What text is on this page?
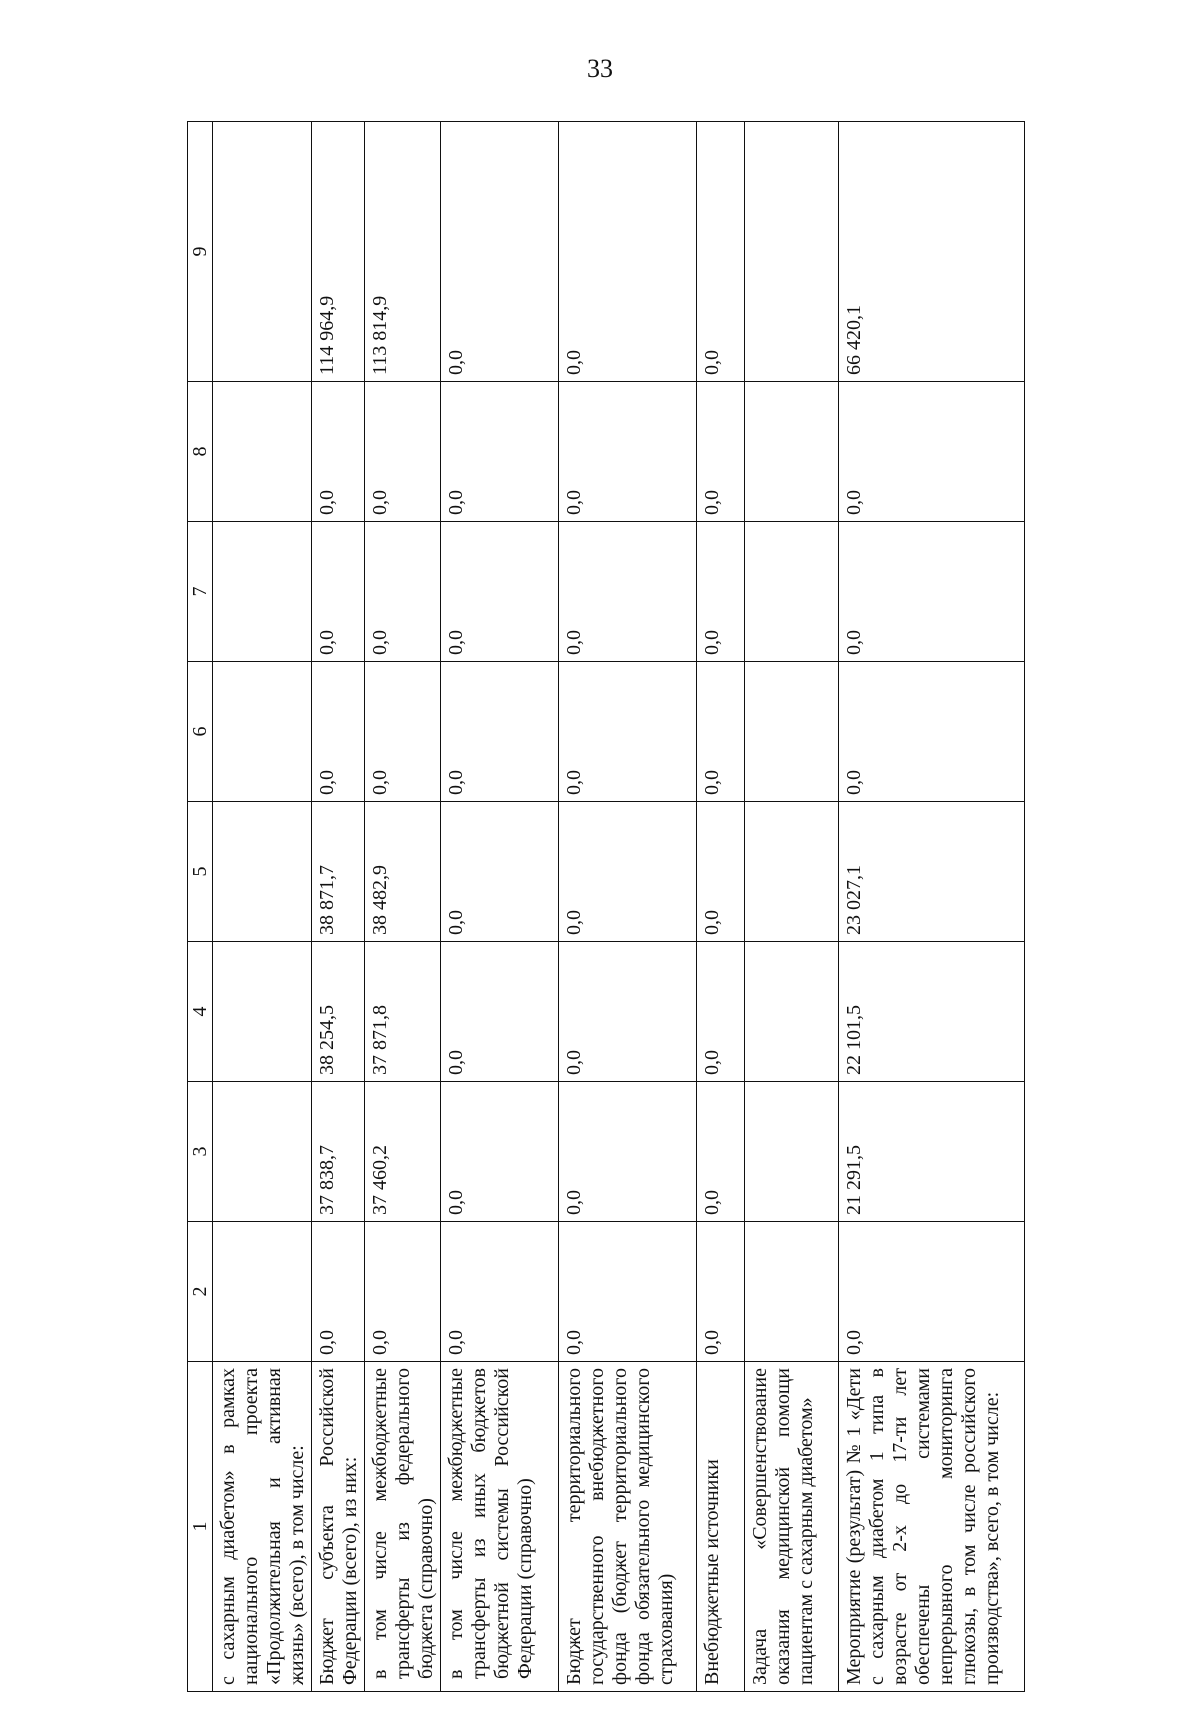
33
1	2	3	4	5	6	7	8	9
с сахарным диабетом» в рамках национального проекта «Продолжительная и активная жизнь» (всего), в том числе:								
Бюджет субъекта Российской Федерации (всего), из них:	0,0	37 838,7	38 254,5	38 871,7	0,0	0,0	0,0	114 964,9
в том числе межбюджетные трансферты из федерального бюджета (справочно)	0,0	37 460,2	37 871,8	38 482,9	0,0	0,0	0,0	113 814,9
в том числе межбюджетные трансферты из иных бюджетов бюджетной системы Российской Федерации (справочно)	0,0	0,0	0,0	0,0	0,0	0,0	0,0	0,0
Бюджет территориального государственного внебюджетного фонда (бюджет территориального фонда обязательного медицинского страхования)	0,0	0,0	0,0	0,0	0,0	0,0	0,0	0,0
Внебюджетные источники	0,0	0,0	0,0	0,0	0,0	0,0	0,0	0,0
Задача «Совершенствование оказания медицинской помощи пациентам с сахарным диабетом»								
Мероприятие (результат) № 1 «Дети с сахарным диабетом 1 типа в возрасте от 2-х до 17-ти лет обеспечены системами непрерывного мониторинга глюкозы, в том числе российского производства», всего, в том числе:	0,0	21 291,5	22 101,5	23 027,1	0,0	0,0	0,0	66 420,1
